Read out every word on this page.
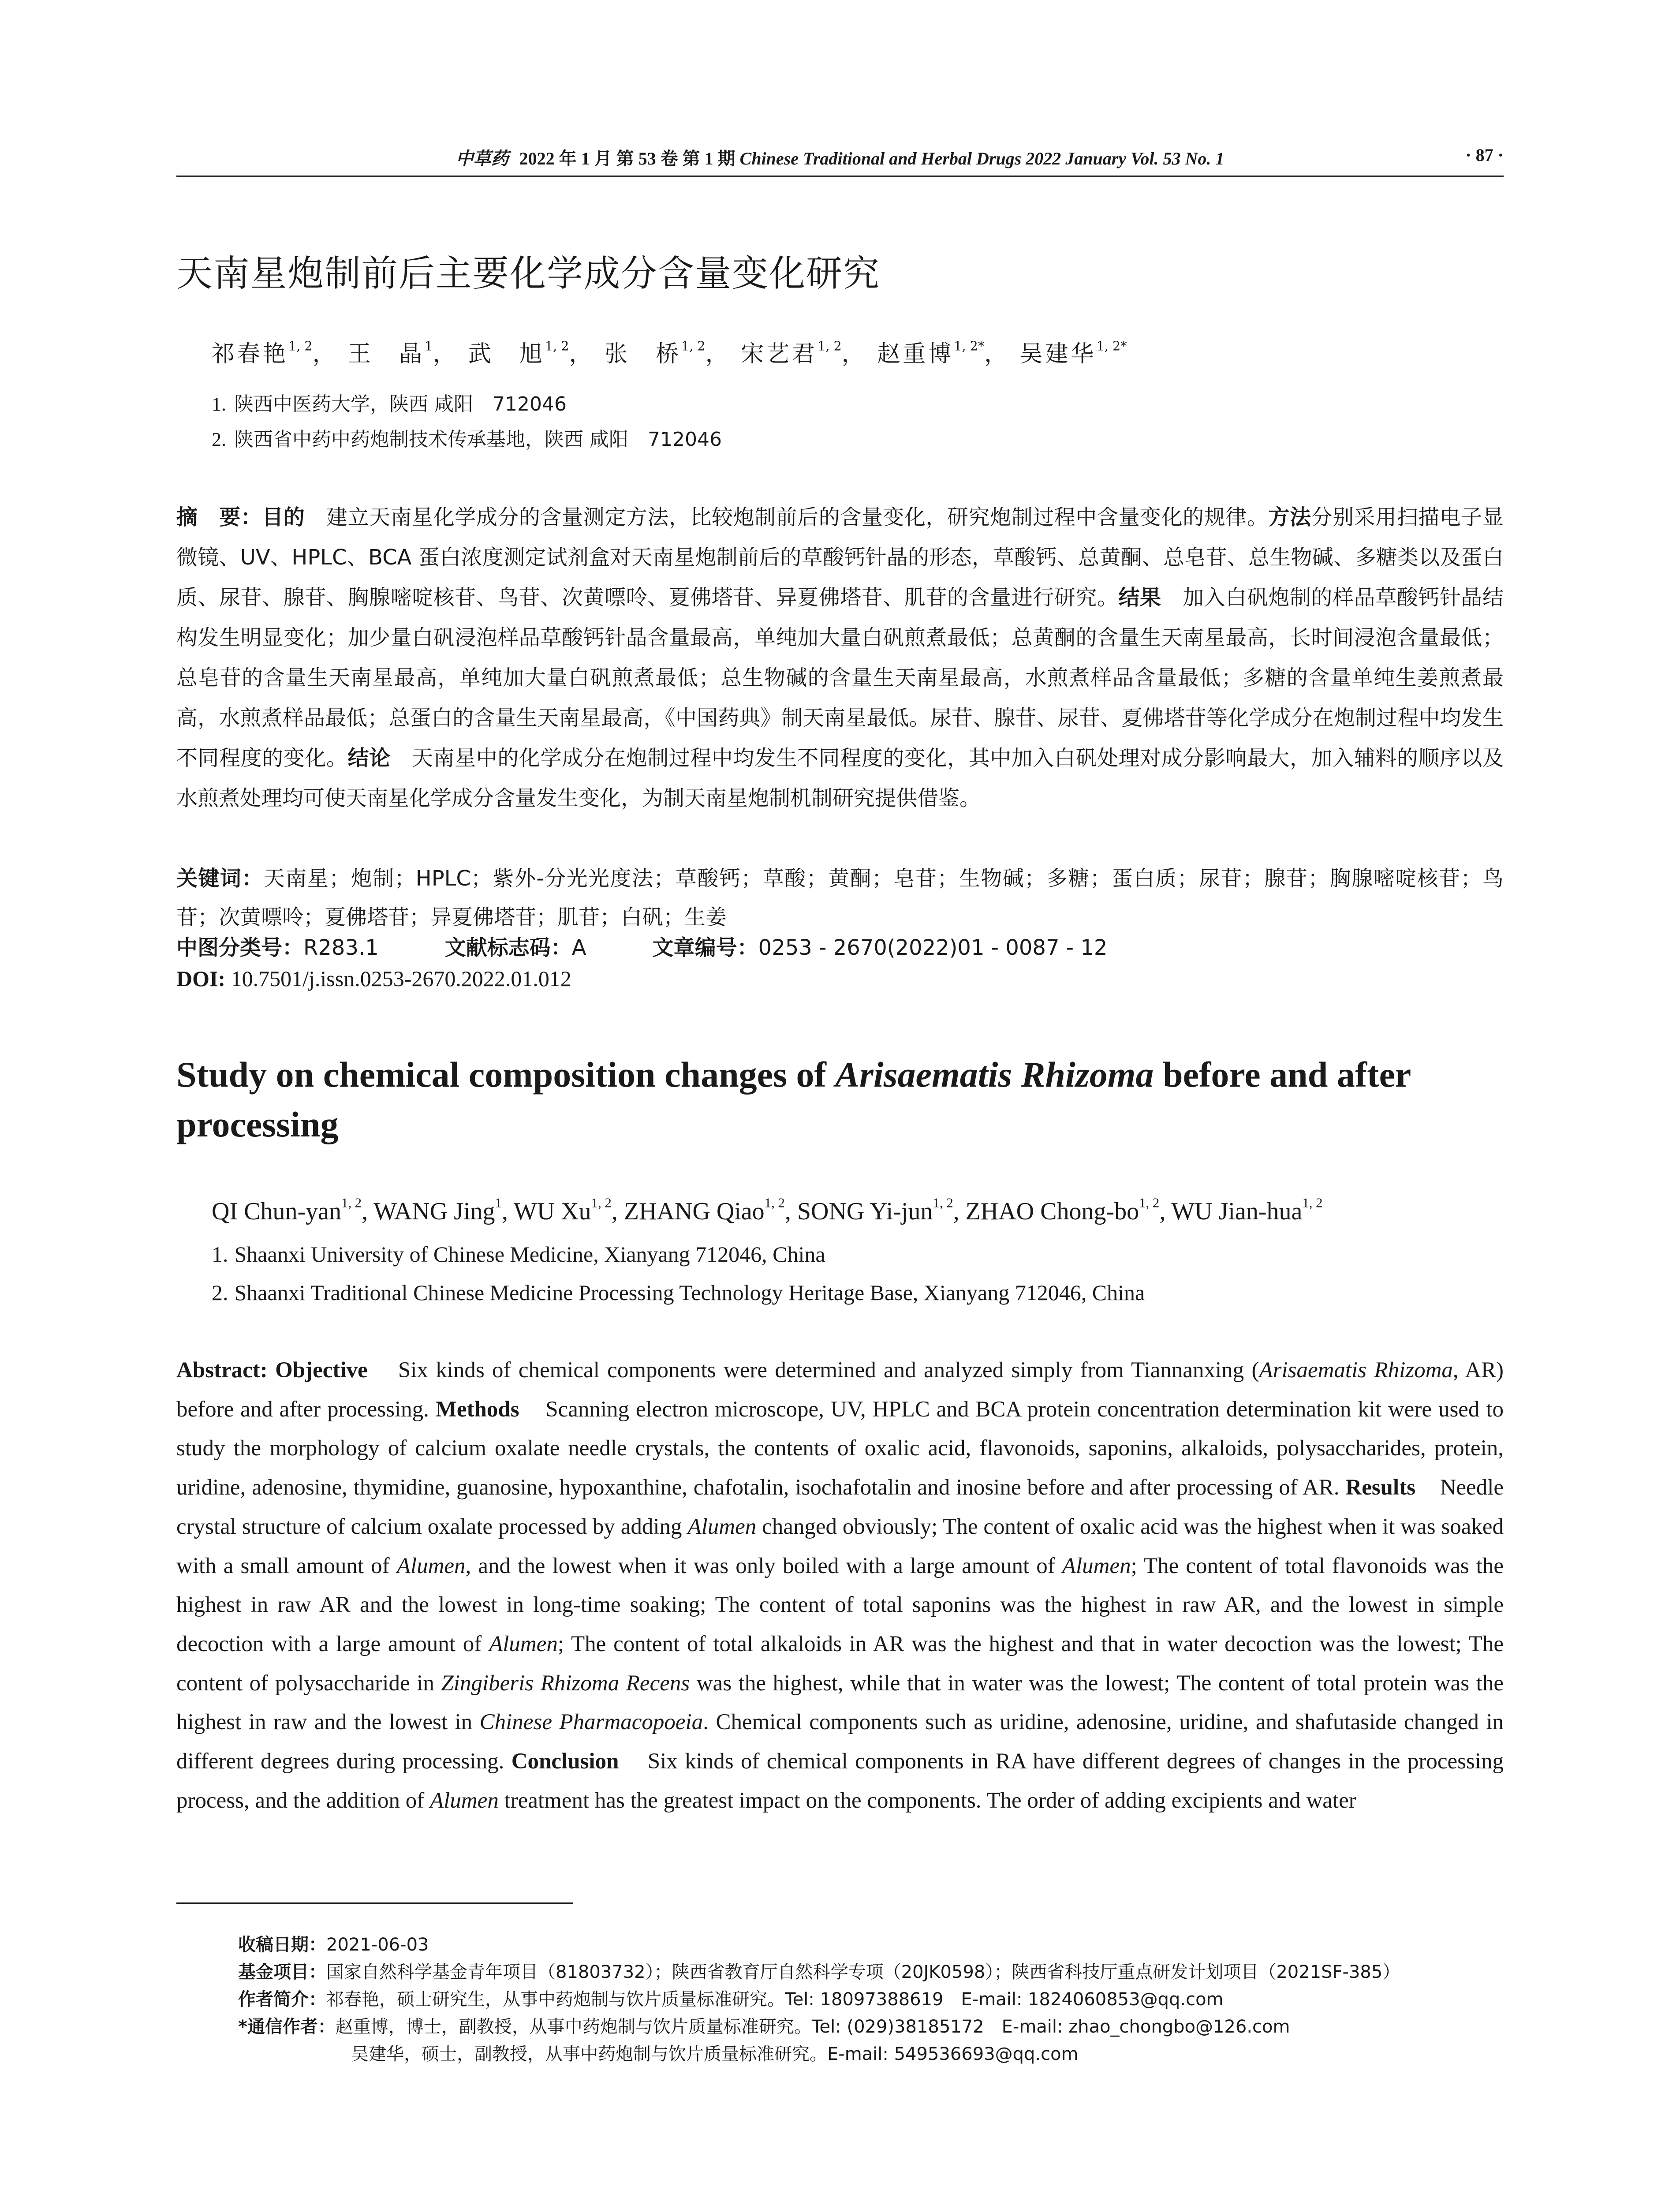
中草药 2022 年 1 月 第 53 卷 第 1 期 Chinese Traditional and Herbal Drugs 2022 January Vol. 53 No. 1	· 87 ·
天南星炮制前后主要化学成分含量变化研究
祁春艳$^{1, 2}$， 王　晶$^1$， 武　旭$^{1, 2}$， 张　桥$^{1, 2}$， 宋艺君$^{1, 2}$， 赵重博$^{1, 2*}$， 吴建华$^{1, 2*}$
1. 陕西中医药大学，陕西 咸阳　712046
2. 陕西省中药中药炮制技术传承基地，陕西 咸阳　712046
摘　要：目的　 建立天南星化学成分的含量测定方法，比较炮制前后的含量变化，研究炮制过程中含量变化的规律。方法分别采用扫描电子显微镜、UV、HPLC、BCA 蛋白浓度测定试剂盒对天南星炮制前后的草酸钙针晶的形态，草酸钙、总黄酮、总皂苷、总生物碱、多糖类以及蛋白质、尿苷、腺苷、胸腺嘧啶核苷、鸟苷、次黄嘌呤、夏佛塔苷、异夏佛塔苷、肌苷的含量进行研究。结果　 加入白矾炮制的样品草酸钙针晶结构发生明显变化；加少量白矾浸泡样品草酸钙针晶含量最高，单纯加大量白矾煎煮最低；总黄酮的含量生天南星最高，长时间浸泡含量最低；总皂苷的含量生天南星最高，单纯加大量白矾煎煮最低；总生物碱的含量生天南星最高，水煎煮样品含量最低；多糖的含量单纯生姜煎煮最高，水煎煮样品最低；总蛋白的含量生天南星最高，《中国药典》制天南星最低。尿苷、腺苷、尿苷、夏佛塔苷等化学成分在炮制过程中均发生不同程度的变化。结论　 天南星中的化学成分在炮制过程中均发生不同程度的变化，其中加入白矾处理对成分影响最大，加入辅料的顺序以及水煎煮处理均可使天南星化学成分含量发生变化，为制天南星炮制机制研究提供借鉴。
关键词：天南星；炮制；HPLC；紫外-分光光度法；草酸钙；草酸；黄酮；皂苷；生物碱；多糖；蛋白质；尿苷；腺苷；胸腺嘧啶核苷；鸟苷；次黄嘌呤；夏佛塔苷；异夏佛塔苷；肌苷；白矾；生姜
中图分类号：R283.1	文献标志码：A	文章编号：0253 - 2670(2022)01 - 0087 - 12
DOI: 10.7501/j.issn.0253-2670.2022.01.012
Study on chemical composition changes of Arisaematis Rhizoma before and after processing
QI Chun-yan$^{1, 2}$, WANG Jing$^1$, WU Xu$^{1, 2}$, ZHANG Qiao$^{1, 2}$, SONG Yi-jun$^{1, 2}$, ZHAO Chong-bo$^{1, 2}$, WU Jian-hua$^{1, 2}$
1. Shaanxi University of Chinese Medicine, Xianyang 712046, China
2. Shaanxi Traditional Chinese Medicine Processing Technology Heritage Base, Xianyang 712046, China
Abstract: Objective Six kinds of chemical components were determined and analyzed simply from Tiannanxing (Arisaematis Rhizoma, AR) before and after processing. Methods Scanning electron microscope, UV, HPLC and BCA protein concentration determination kit were used to study the morphology of calcium oxalate needle crystals, the contents of oxalic acid, flavonoids, saponins, alkaloids, polysaccharides, protein, uridine, adenosine, thymidine, guanosine, hypoxanthine, chafotalin, isochafotalin and inosine before and after processing of AR. Results Needle crystal structure of calcium oxalate processed by adding Alumen changed obviously; The content of oxalic acid was the highest when it was soaked with a small amount of Alumen, and the lowest when it was only boiled with a large amount of Alumen; The content of total flavonoids was the highest in raw AR and the lowest in long-time soaking; The content of total saponins was the highest in raw AR, and the lowest in simple decoction with a large amount of Alumen; The content of total alkaloids in AR was the highest and that in water decoction was the lowest; The content of polysaccharide in Zingiberis Rhizoma Recens was the highest, while that in water was the lowest; The content of total protein was the highest in raw and the lowest in Chinese Pharmacopoeia. Chemical components such as uridine, adenosine, uridine, and shafutaside changed in different degrees during processing. Conclusion Six kinds of chemical components in RA have different degrees of changes in the processing process, and the addition of Alumen treatment has the greatest impact on the components. The order of adding excipients and water
收稿日期：2021-06-03
基金项目：国家自然科学基金青年项目（81803732）；陕西省教育厅自然科学专项（20JK0598）；陕西省科技厅重点研发计划项目（2021SF-385）
作者简介：祁春艳，硕士研究生，从事中药炮制与饮片质量标准研究。Tel: 18097388619　E-mail: 1824060853@qq.com
*通信作者：赵重博，博士，副教授，从事中药炮制与饮片质量标准研究。Tel: (029)38185172　E-mail: zhao_chongbo@126.com
吴建华，硕士，副教授，从事中药炮制与饮片质量标准研究。E-mail: 549536693@qq.com
